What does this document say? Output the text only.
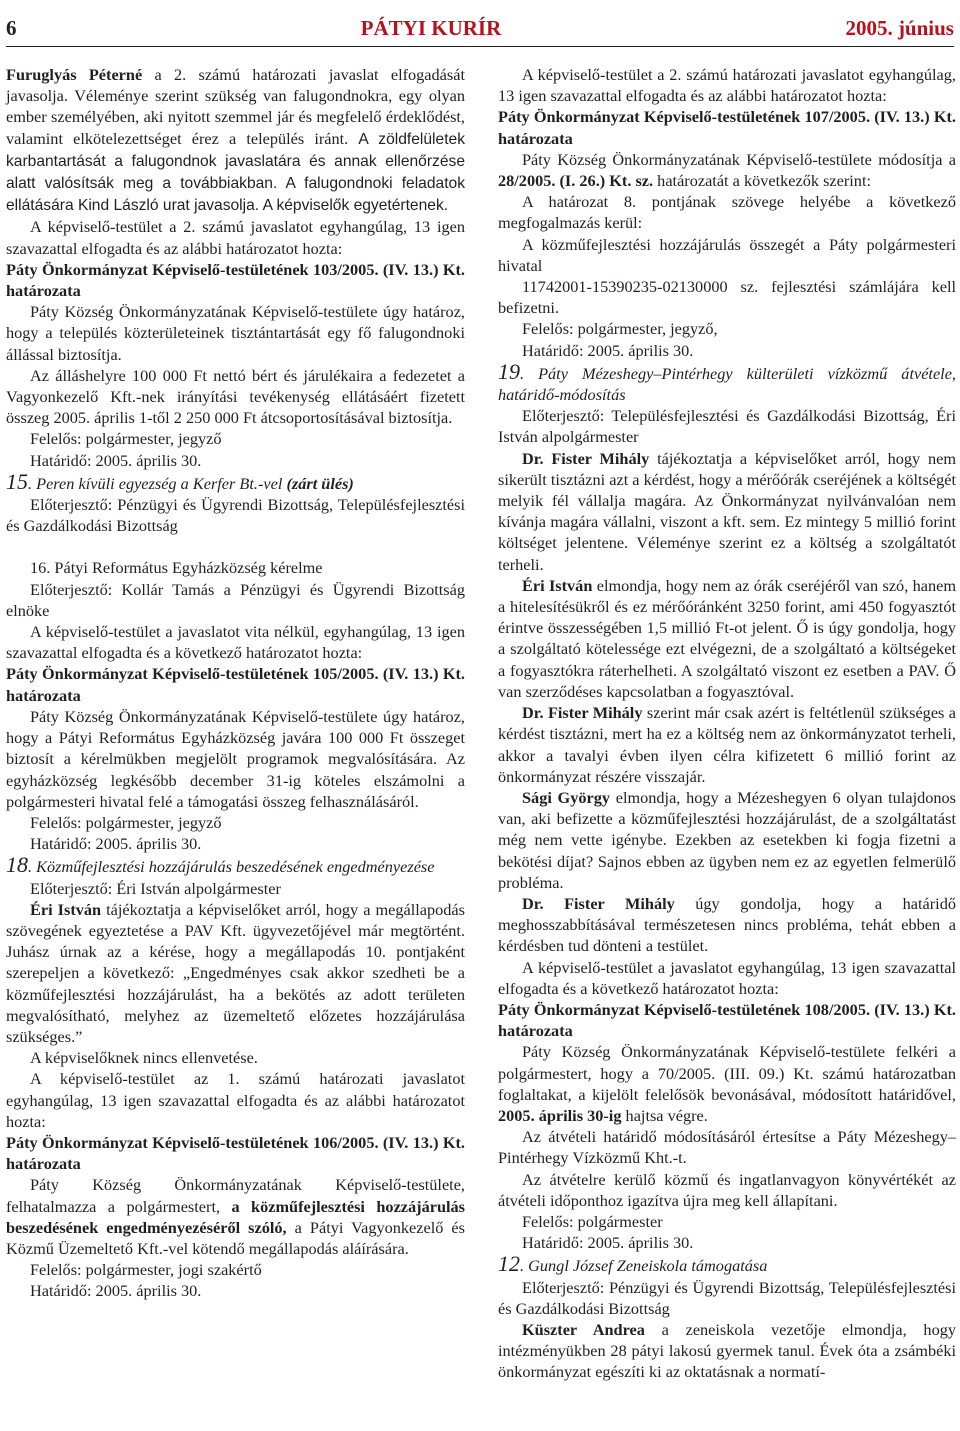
6	PÁTYI KURÍR	2005. június

Furuglyás Péterné a 2. számú határozati javaslat elfogadását javasolja. Véleménye szerint szükség van falugondnokra, egy olyan ember személyében, aki nyitott szemmel jár és megfelelő érdeklődést, valamint elkötelezettséget érez a település iránt. A zöldfelületek karbantartását a falugondnok javaslatára és annak ellenőrzése alatt valósítsák meg a továbbiakban. A falugondnoki feladatok ellátására Kind László urat javasolja. A képviselők egyetértenek.

A képviselő-testület a 2. számú javaslatot egyhangúlag, 13 igen szavazattal elfogadta és az alábbi határozatot hozta:

Páty Önkormányzat Képviselő-testületének 103/2005. (IV. 13.) Kt. határozata

Páty Község Önkormányzatának Képviselő-testülete úgy határoz, hogy a település közterületeinek tisztántartását egy fő falugondnoki állással biztosítja.

Az álláshelyre 100 000 Ft nettó bért és járulékaira a fedezetet a Vagyonkezelő Kft.-nek irányítási tevékenység ellátásáért fizetett összeg 2005. április 1-től 2 250 000 Ft átcsoportosításával biztosítja.

Felelős: polgármester, jegyző

Határidő: 2005. április 30.

15. Peren kívüli egyezség a Kerfer Bt.-vel (zárt ülés)

Előterjesztő: Pénzügyi és Ügyrendi Bizottság, Településfejlesztési és Gazdálkodási Bizottság

16. Pátyi Református Egyházközség kérelme

Előterjesztő: Kollár Tamás a Pénzügyi és Ügyrendi Bizottság elnöke

A képviselő-testület a javaslatot vita nélkül, egyhangúlag, 13 igen szavazattal elfogadta és a következő határozatot hozta:

Páty Önkormányzat Képviselő-testületének 105/2005. (IV. 13.) Kt. határozata

Páty Község Önkormányzatának Képviselő-testülete úgy határoz, hogy a Pátyi Református Egyházközség javára 100 000 Ft összeget biztosít a kérelmükben megjelölt programok megvalósítására. Az egyházközség legkésőbb december 31-ig köteles elszámolni a polgármesteri hivatal felé a támogatási összeg felhasználásáról.

Felelős: polgármester, jegyző

Határidő: 2005. április 30.

18. Közműfejlesztési hozzájárulás beszedésének engedményezése

Előterjesztő: Éri István alpolgármester

Éri István tájékoztatja a képviselőket arról, hogy a megállapodás szövegének egyeztetése a PAV Kft. ügyvezetőjével már megtörtént. Juhász úrnak az a kérése, hogy a megállapodás 10. pontjaként szerepeljen a következő: „Engedményes csak akkor szedheti be a közműfejlesztési hozzájárulást, ha a bekötés az adott területen megvalósítható, melyhez az üzemeltető előzetes hozzájárulása szükséges.”

A képviselőknek nincs ellenvetése.

A képviselő-testület az 1. számú határozati javaslatot egyhangúlag, 13 igen szavazattal elfogadta és az alábbi határozatot hozta:

Páty Önkormányzat Képviselő-testületének 106/2005. (IV. 13.) Kt. határozata

Páty Község Önkormányzatának Képviselő-testülete, felhatalmazza a polgármestert, a közműfejlesztési hozzájárulás beszedésének engedményezéséről szóló, a Pátyi Vagyonkezelő és Közmű Üzemeltető Kft.-vel kötendő megállapodás aláírására.

Felelős: polgármester, jogi szakértő

Határidő: 2005. április 30.

A képviselő-testület a 2. számú határozati javaslatot egyhangúlag, 13 igen szavazattal elfogadta és az alábbi határozatot hozta:

Páty Önkormányzat Képviselő-testületének 107/2005. (IV. 13.) Kt. határozata

Páty Község Önkormányzatának Képviselő-testülete módosítja a 28/2005. (I. 26.) Kt. sz. határozatát a következők szerint:

A határozat 8. pontjának szövege helyébe a következő megfogalmazás kerül:

A közműfejlesztési hozzájárulás összegét a Páty polgármesteri hivatal

11742001-15390235-02130000 sz. fejlesztési számlájára kell befizetni.

Felelős: polgármester, jegyző,

Határidő: 2005. április 30.

19. Páty Mézeshegy–Pintérhegy külterületi vízközmű átvétele, határidő-módosítás

Előterjesztő: Településfejlesztési és Gazdálkodási Bizottság, Éri István alpolgármester

Dr. Fister Mihály tájékoztatja a képviselőket arról, hogy nem sikerült tisztázni azt a kérdést, hogy a mérőórák cseréjének a költségét melyik fél vállalja magára. Az Önkormányzat nyilvánvalóan nem kívánja magára vállalni, viszont a kft. sem. Ez mintegy 5 millió forint költséget jelentene. Véleménye szerint ez a költség a szolgáltatót terheli.

Éri István elmondja, hogy nem az órák cseréjéről van szó, hanem a hitelesítésükről és ez mérőóránként 3250 forint, ami 450 fogyasztót érintve összességében 1,5 millió Ft-ot jelent. Ő is úgy gondolja, hogy a szolgáltató kötelessége ezt elvégezni, de a szolgáltató a költségeket a fogyasztókra ráterhelheti. A szolgáltató viszont ez esetben a PAV. Ő van szerződéses kapcsolatban a fogyasztóval.

Dr. Fister Mihály szerint már csak azért is feltétlenül szükséges a kérdést tisztázni, mert ha ez a költség nem az önkormányzatot terheli, akkor a tavalyi évben ilyen célra kifizetett 6 millió forint az önkormányzat részére visszajár.

Sági György elmondja, hogy a Mézeshegyen 6 olyan tulajdonos van, aki befizette a közműfejlesztési hozzájárulást, de a szolgáltatást még nem vette igénybe. Ezekben az esetekben ki fogja fizetni a bekötési díjat? Sajnos ebben az ügyben nem ez az egyetlen felmerülő probléma.

Dr. Fister Mihály úgy gondolja, hogy a határidő meghosszabbításával természetesen nincs probléma, tehát ebben a kérdésben tud dönteni a testület.

A képviselő-testület a javaslatot egyhangúlag, 13 igen szavazattal elfogadta és a következő határozatot hozta:

Páty Önkormányzat Képviselő-testületének 108/2005. (IV. 13.) Kt. határozata

Páty Község Önkormányzatának Képviselő-testülete felkéri a polgármestert, hogy a 70/2005. (III. 09.) Kt. számú határozatban foglaltakat, a kijelölt felelősök bevonásával, módosított határidővel, 2005. április 30-ig hajtsa végre.

Az átvételi határidő módosításáról értesítse a Páty Mézeshegy–Pintérhegy Vízközmű Kht.-t.

Az átvételre kerülő közmű és ingatlanvagyon könyvértékét az átvételi időponthoz igazítva újra meg kell állapítani.

Felelős: polgármester

Határidő: 2005. április 30.

12. Gungl József Zeneiskola támogatása

Előterjesztő: Pénzügyi és Ügyrendi Bizottság, Településfejlesztési és Gazdálkodási Bizottság

Küszter Andrea a zeneiskola vezetője elmondja, hogy intézményükben 28 pátyi lakosú gyermek tanul. Évek óta a zsámbéki önkormányzat egészíti ki az oktatásnak a normatí-
